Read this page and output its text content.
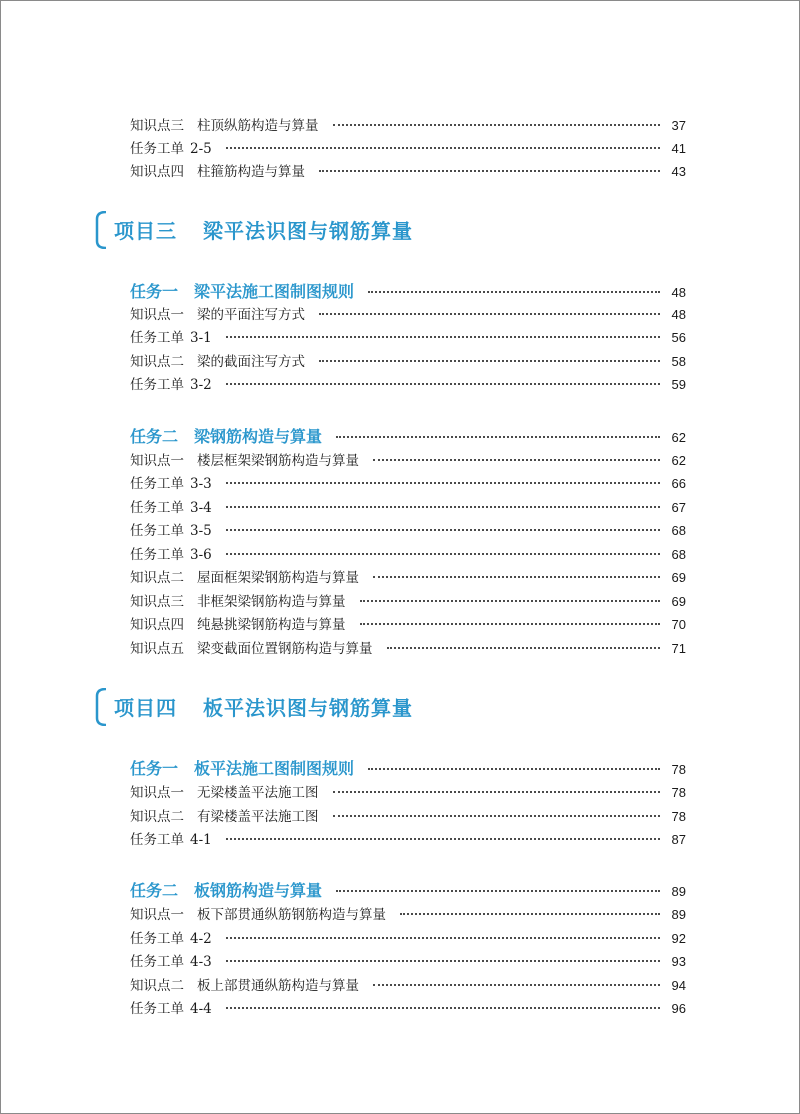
知识点三 柱顶纵筋构造与算量	37
任务工单 2-5	41
知识点四 柱箍筋构造与算量	43
项目三 梁平法识图与钢筋算量
任务一 梁平法施工图制图规则	48
知识点一 梁的平面注写方式	48
任务工单 3-1	56
知识点二 梁的截面注写方式	58
任务工单 3-2	59
任务二 梁钢筋构造与算量	62
知识点一 楼层框架梁钢筋构造与算量	62
任务工单 3-3	66
任务工单 3-4	67
任务工单 3-5	68
任务工单 3-6	68
知识点二 屋面框架梁钢筋构造与算量	69
知识点三 非框架梁钢筋构造与算量	69
知识点四 纯悬挑梁钢筋构造与算量	70
知识点五 梁变截面位置钢筋构造与算量	71
项目四 板平法识图与钢筋算量
任务一 板平法施工图制图规则	78
知识点一 无梁楼盖平法施工图	78
知识点二 有梁楼盖平法施工图	78
任务工单 4-1	87
任务二 板钢筋构造与算量	89
知识点一 板下部贯通纵筋钢筋构造与算量	89
任务工单 4-2	92
任务工单 4-3	93
知识点二 板上部贯通纵筋构造与算量	94
任务工单 4-4	96
